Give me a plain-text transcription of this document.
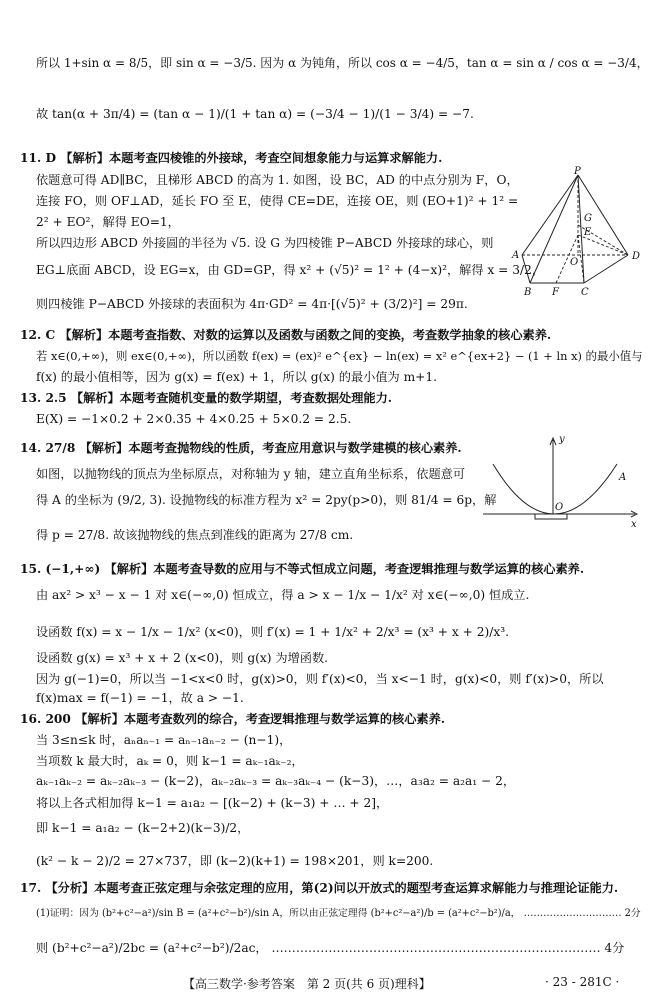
所以 1+sin α = 8/5，即 sin α = −3/5. 因为 α 为钝角，所以 cos α = −4/5，tan α = sin α / cos α = −3/4，
故 tan(α + 3π/4) = (tan α − 1)/(1 + tan α) = (−3/4 − 1)/(1 − 3/4) = −7.
11. D 【解析】本题考查四棱锥的外接球，考查空间想象能力与运算求解能力.
依题意可得 AD∥BC，且梯形 ABCD 的高为 1. 如图，设 BC，AD 的中点分别为 F，O，
连接 FO，则 OF⊥AD，延长 FO 至 E，使得 CE=DE，连接 OE，则 (EO+1)² + 1² =
2² + EO²，解得 EO=1，
所以四边形 ABCD 外接圆的半径为 √5. 设 G 为四棱锥 P−ABCD 外接球的球心，则
EG⊥底面 ABCD，设 EG=x，由 GD=GP，得 x² + (√5)² = 1² + (4−x)²，解得 x = 3/2，
则四棱锥 P−ABCD 外接球的表面积为 4π·GD² = 4π·[(√5)² + (3/2)²] = 29π.
12. C 【解析】本题考查指数、对数的运算以及函数与函数之间的变换，考查数学抽象的核心素养.
若 x∈(0,+∞)，则 ex∈(0,+∞)，所以函数 f(ex) = (ex)² e^{ex} − ln(ex) = x² e^{ex+2} − (1 + ln x) 的最小值与
f(x) 的最小值相等，因为 g(x) = f(ex) + 1，所以 g(x) 的最小值为 m+1.
13. 2.5 【解析】本题考查随机变量的数学期望，考查数据处理能力.
E(X) = −1×0.2 + 2×0.35 + 4×0.25 + 5×0.2 = 2.5.
14. 27/8 【解析】本题考查抛物线的性质，考查应用意识与数学建模的核心素养.
如图，以抛物线的顶点为坐标原点，对称轴为 y 轴，建立直角坐标系，依题意可
得 A 的坐标为 (9/2, 3). 设抛物线的标准方程为 x² = 2py(p>0)，则 81/4 = 6p，解
得 p = 27/8. 故该抛物线的焦点到准线的距离为 27/8 cm.
15. (−1,+∞) 【解析】本题考查导数的应用与不等式恒成立问题，考查逻辑推理与数学运算的核心素养.
由 ax² > x³ − x − 1 对 x∈(−∞,0) 恒成立，得 a > x − 1/x − 1/x² 对 x∈(−∞,0) 恒成立.
设函数 f(x) = x − 1/x − 1/x² (x<0)，则 f′(x) = 1 + 1/x² + 2/x³ = (x³ + x + 2)/x³.
设函数 g(x) = x³ + x + 2 (x<0)，则 g(x) 为增函数.
因为 g(−1)=0，所以当 −1<x<0 时，g(x)>0，则 f′(x)<0，当 x<−1 时，g(x)<0，则 f′(x)>0，所以
f(x)max = f(−1) = −1，故 a > −1.
16. 200 【解析】本题考查数列的综合，考查逻辑推理与数学运算的核心素养.
当 3≤n≤k 时，aₙaₙ₋₁ = aₙ₋₁aₙ₋₂ − (n−1)，
当项数 k 最大时，aₖ = 0，则 k−1 = aₖ₋₁aₖ₋₂，
aₖ₋₁aₖ₋₂ = aₖ₋₂aₖ₋₃ − (k−2)，aₖ₋₂aₖ₋₃ = aₖ₋₃aₖ₋₄ − (k−3)，…，a₃a₂ = a₂a₁ − 2，
将以上各式相加得 k−1 = a₁a₂ − [(k−2) + (k−3) + … + 2]，
即 k−1 = a₁a₂ − (k−2+2)(k−3)/2，
(k² − k − 2)/2 = 27×737，即 (k−2)(k+1) = 198×201，则 k=200.
17. 【分析】本题考查正弦定理与余弦定理的应用，第(2)问以开放式的题型考查运算求解能力与推理论证能力.
(1)证明：因为 (b²+c²−a²)/sin B = (a²+c²−b²)/sin A，所以由正弦定理得 (b²+c²−a²)/b = (a²+c²−b²)/a， ………………………… 2分
则 (b²+c²−a²)/2bc = (a²+c²−b²)/2ac， ……………………………………………………………………… 4分
P
G
E
A
O
D
B F C
y
A
O
x
【高三数学·参考答案　第 2 页(共 6 页)理科】	· 23 - 281C ·
